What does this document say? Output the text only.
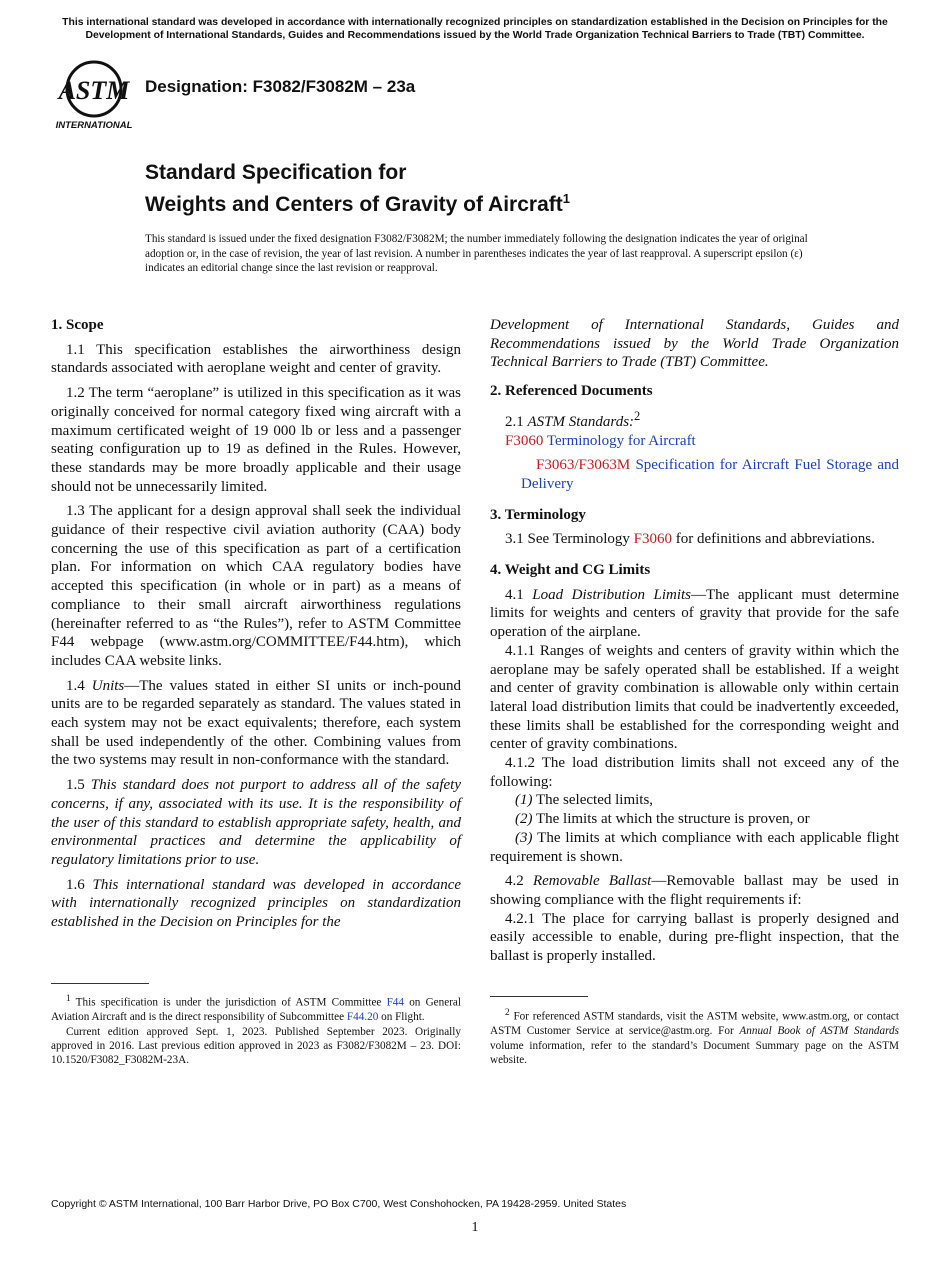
This international standard was developed in accordance with internationally recognized principles on standardization established in the Decision on Principles for the Development of International Standards, Guides and Recommendations issued by the World Trade Organization Technical Barriers to Trade (TBT) Committee.
ASTM
INTERNATIONAL
Designation: F3082/F3082M – 23a
Standard Specification for
Weights and Centers of Gravity of Aircraft$^1$
This standard is issued under the fixed designation F3082/F3082M; the number immediately following the designation indicates the year of original adoption or, in the case of revision, the year of last revision. A number in parentheses indicates the year of last reapproval. A superscript epsilon (ε) indicates an editorial change since the last revision or reapproval.
1. Scope

1.1 This specification establishes the airworthiness design standards associated with aeroplane weight and center of gravity.

1.2 The term “aeroplane” is utilized in this specification as it was originally conceived for normal category fixed wing aircraft with a maximum certificated weight of 19 000 lb or less and a passenger seating configuration up to 19 as defined in the Rules. However, these standards may be more broadly applicable and their usage should not be unnecessarily limited.

1.3 The applicant for a design approval shall seek the individual guidance of their respective civil aviation authority (CAA) body concerning the use of this specification as part of a certification plan. For information on which CAA regulatory bodies have accepted this specification (in whole or in part) as a means of compliance to their small aircraft airworthiness regulations (hereinafter referred to as “the Rules”), refer to ASTM Committee F44 webpage (www.astm.org/COMMITTEE/F44.htm), which includes CAA website links.

1.4 Units—The values stated in either SI units or inch-pound units are to be regarded separately as standard. The values stated in each system may not be exact equivalents; therefore, each system shall be used independently of the other. Combining values from the two systems may result in non-conformance with the standard.

1.5 This standard does not purport to address all of the safety concerns, if any, associated with its use. It is the responsibility of the user of this standard to establish appropriate safety, health, and environmental practices and determine the applicability of regulatory limitations prior to use.

1.6 This international standard was developed in accordance with internationally recognized principles on standardization established in the Decision on Principles for the

$^1$ This specification is under the jurisdiction of ASTM Committee F44 on General Aviation Aircraft and is the direct responsibility of Subcommittee F44.20 on Flight.

Current edition approved Sept. 1, 2023. Published September 2023. Originally approved in 2016. Last previous edition approved in 2023 as F3082/F3082M – 23. DOI: 10.1520/F3082_F3082M-23A.

Development of International Standards, Guides and Recommendations issued by the World Trade Organization Technical Barriers to Trade (TBT) Committee.

2. Referenced Documents

2.1 ASTM Standards:$^2$

F3060 Terminology for Aircraft

F3063/F3063M Specification for Aircraft Fuel Storage and Delivery

3. Terminology

3.1 See Terminology F3060 for definitions and abbreviations.

4. Weight and CG Limits

4.1 Load Distribution Limits—The applicant must determine limits for weights and centers of gravity that provide for the safe operation of the airplane.

4.1.1 Ranges of weights and centers of gravity within which the aeroplane may be safely operated shall be established. If a weight and center of gravity combination is allowable only within certain lateral load distribution limits that could be inadvertently exceeded, these limits shall be established for the corresponding weight and center of gravity combinations.

4.1.2 The load distribution limits shall not exceed any of the following:

(1) The selected limits,

(2) The limits at which the structure is proven, or

(3) The limits at which compliance with each applicable flight requirement is shown.

4.2 Removable Ballast—Removable ballast may be used in showing compliance with the flight requirements if:

4.2.1 The place for carrying ballast is properly designed and easily accessible to enable, during pre-flight inspection, that the ballast is properly installed.

$^2$ For referenced ASTM standards, visit the ASTM website, www.astm.org, or contact ASTM Customer Service at service@astm.org. For Annual Book of ASTM Standards volume information, refer to the standard’s Document Summary page on the ASTM website.

Copyright © ASTM International, 100 Barr Harbor Drive, PO Box C700, West Conshohocken, PA 19428-2959. United States
1
